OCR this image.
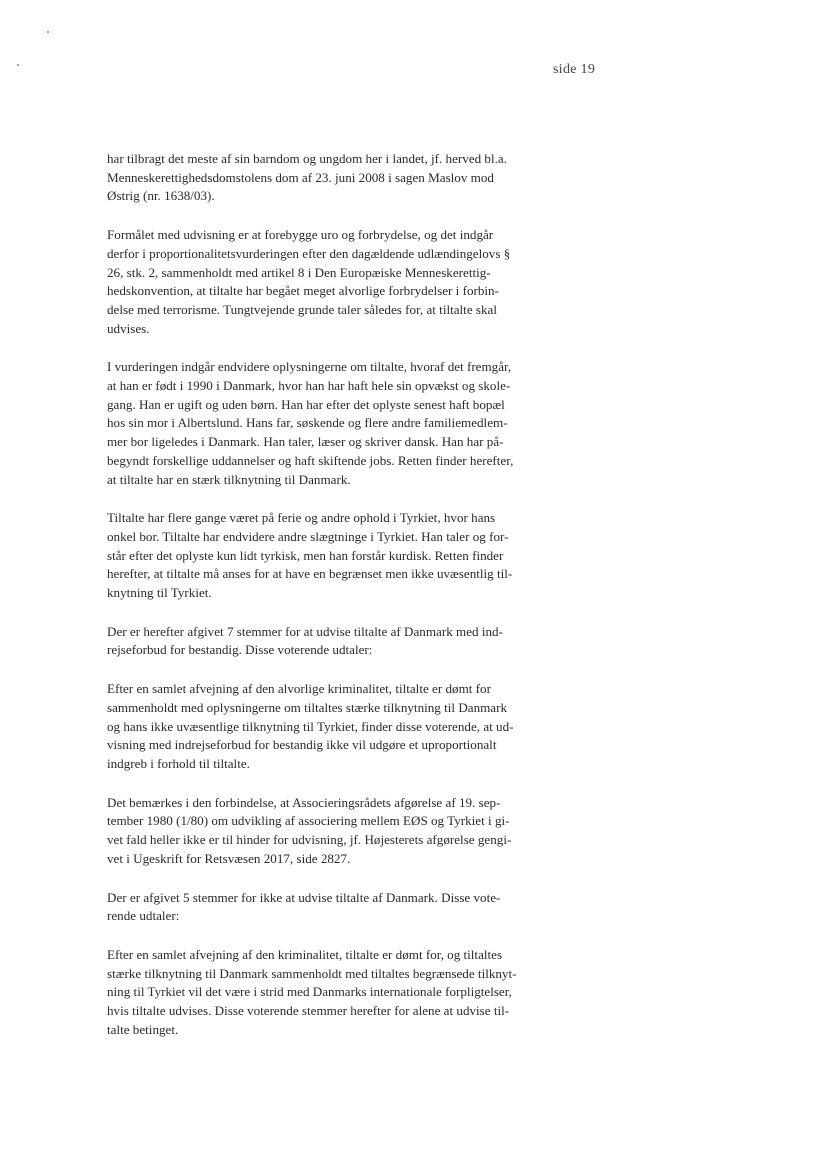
side 19

har tilbragt det meste af sin barndom og ungdom her i landet, jf. herved bl.a.
Menneskerettighedsdomstolens dom af 23. juni 2008 i sagen Maslov mod
Østrig (nr. 1638/03).

Formålet med udvisning er at forebygge uro og forbrydelse, og det indgår
derfor i proportionalitetsvurderingen efter den dagældende udlændingelovs §
26, stk. 2, sammenholdt med artikel 8 i Den Europæiske Menneskerettig-
hedskonvention, at tiltalte har begået meget alvorlige forbrydelser i forbin-
delse med terrorisme. Tungtvejende grunde taler således for, at tiltalte skal
udvises.

I vurderingen indgår endvidere oplysningerne om tiltalte, hvoraf det fremgår,
at han er født i 1990 i Danmark, hvor han har haft hele sin opvækst og skole-
gang. Han er ugift og uden børn. Han har efter det oplyste senest haft bopæl
hos sin mor i Albertslund. Hans far, søskende og flere andre familiemedlem-
mer bor ligeledes i Danmark. Han taler, læser og skriver dansk. Han har på-
begyndt forskellige uddannelser og haft skiftende jobs. Retten finder herefter,
at tiltalte har en stærk tilknytning til Danmark.

Tiltalte har flere gange været på ferie og andre ophold i Tyrkiet, hvor hans
onkel bor. Tiltalte har endvidere andre slægtninge i Tyrkiet. Han taler og for-
står efter det oplyste kun lidt tyrkisk, men han forstår kurdisk. Retten finder
herefter, at tiltalte må anses for at have en begrænset men ikke uvæsentlig til-
knytning til Tyrkiet.

Der er herefter afgivet 7 stemmer for at udvise tiltalte af Danmark med ind-
rejseforbud for bestandig. Disse voterende udtaler:

Efter en samlet afvejning af den alvorlige kriminalitet, tiltalte er dømt for
sammenholdt med oplysningerne om tiltaltes stærke tilknytning til Danmark
og hans ikke uvæsentlige tilknytning til Tyrkiet, finder disse voterende, at ud-
visning med indrejseforbud for bestandig ikke vil udgøre et uproportionalt
indgreb i forhold til tiltalte.

Det bemærkes i den forbindelse, at Associeringsrådets afgørelse af 19. sep-
tember 1980 (1/80) om udvikling af associering mellem EØS og Tyrkiet i gi-
vet fald heller ikke er til hinder for udvisning, jf. Højesterets afgørelse gengi-
vet i Ugeskrift for Retsvæsen 2017, side 2827.

Der er afgivet 5 stemmer for ikke at udvise tiltalte af Danmark. Disse vote-
rende udtaler:

Efter en samlet afvejning af den kriminalitet, tiltalte er dømt for, og tiltaltes
stærke tilknytning til Danmark sammenholdt med tiltaltes begrænsede tilknyt-
ning til Tyrkiet vil det være i strid med Danmarks internationale forpligtelser,
hvis tiltalte udvises. Disse voterende stemmer herefter for alene at udvise til-
talte betinget.
